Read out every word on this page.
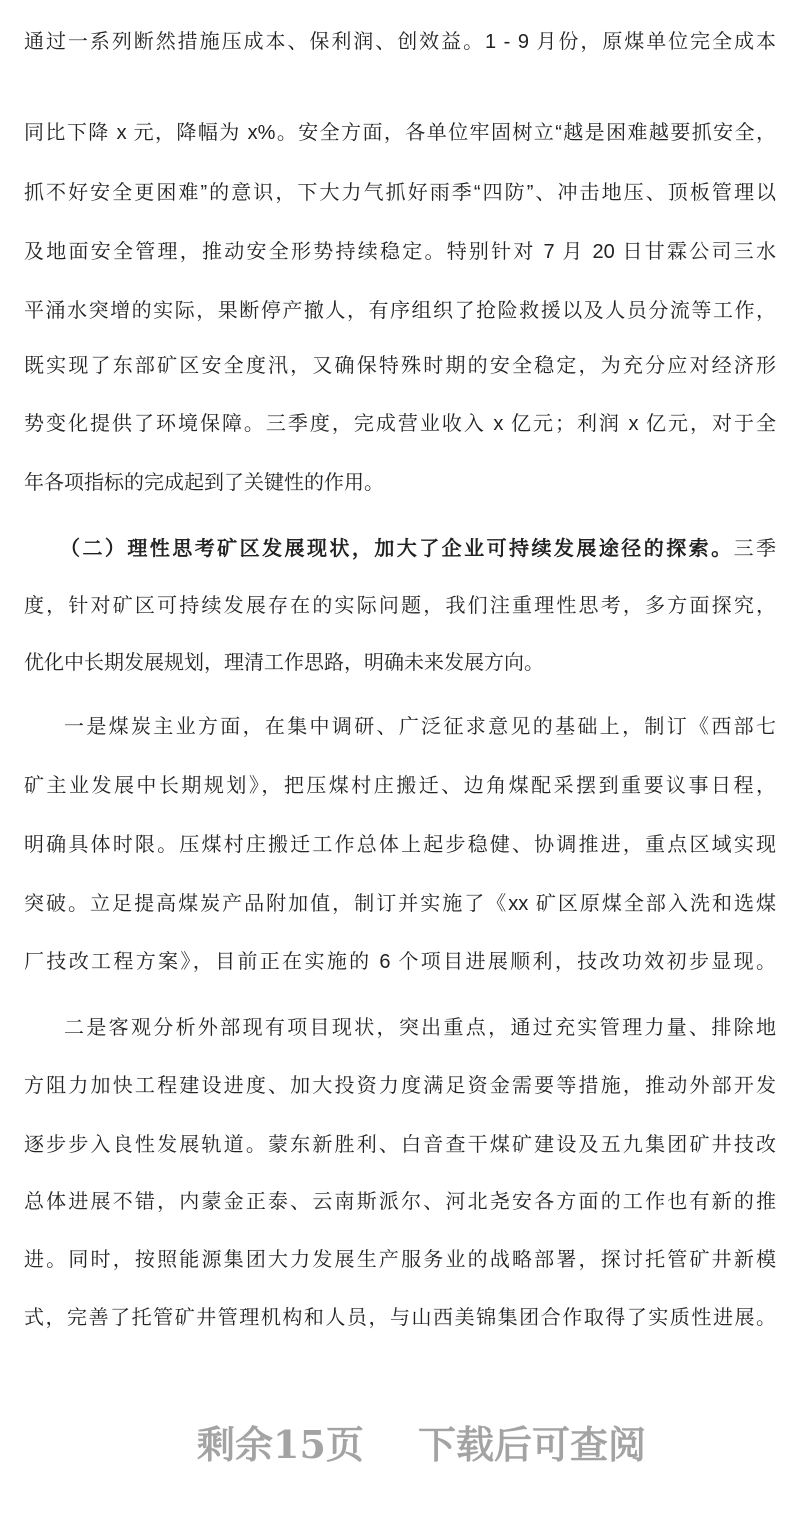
通过一系列断然措施压成本、保利润、创效益。1 - 9 月份，原煤单位完全成本
同比下降 x 元，降幅为 x%。安全方面，各单位牢固树立“越是困难越要抓安全，
抓不好安全更困难”的意识，下大力气抓好雨季“四防”、冲击地压、顶板管理以
及地面安全管理，推动安全形势持续稳定。特别针对 7 月 20 日甘霖公司三水
平涌水突增的实际，果断停产撤人，有序组织了抢险救援以及人员分流等工作，
既实现了东部矿区安全度汛，又确保特殊时期的安全稳定，为充分应对经济形
势变化提供了环境保障。三季度，完成营业收入 x 亿元；利润 x 亿元，对于全
年各项指标的完成起到了关键性的作用。
（二）理性思考矿区发展现状，加大了企业可持续发展途径的探索。三季
度，针对矿区可持续发展存在的实际问题，我们注重理性思考，多方面探究，
优化中长期发展规划，理清工作思路，明确未来发展方向。
一是煤炭主业方面，在集中调研、广泛征求意见的基础上，制订《西部七
矿主业发展中长期规划》，把压煤村庄搬迁、边角煤配采摆到重要议事日程，
明确具体时限。压煤村庄搬迁工作总体上起步稳健、协调推进，重点区域实现
突破。立足提高煤炭产品附加值，制订并实施了《xx 矿区原煤全部入洗和选煤
厂技改工程方案》，目前正在实施的 6 个项目进展顺利，技改功效初步显现。
二是客观分析外部现有项目现状，突出重点，通过充实管理力量、排除地
方阻力加快工程建设进度、加大投资力度满足资金需要等措施，推动外部开发
逐步步入良性发展轨道。蒙东新胜利、白音查干煤矿建设及五九集团矿井技改
总体进展不错，内蒙金正泰、云南斯派尔、河北尧安各方面的工作也有新的推
进。同时，按照能源集团大力发展生产服务业的战略部署，探讨托管矿井新模
式，完善了托管矿井管理机构和人员，与山西美锦集团合作取得了实质性进展。
剩余15页 下载后可查阅
